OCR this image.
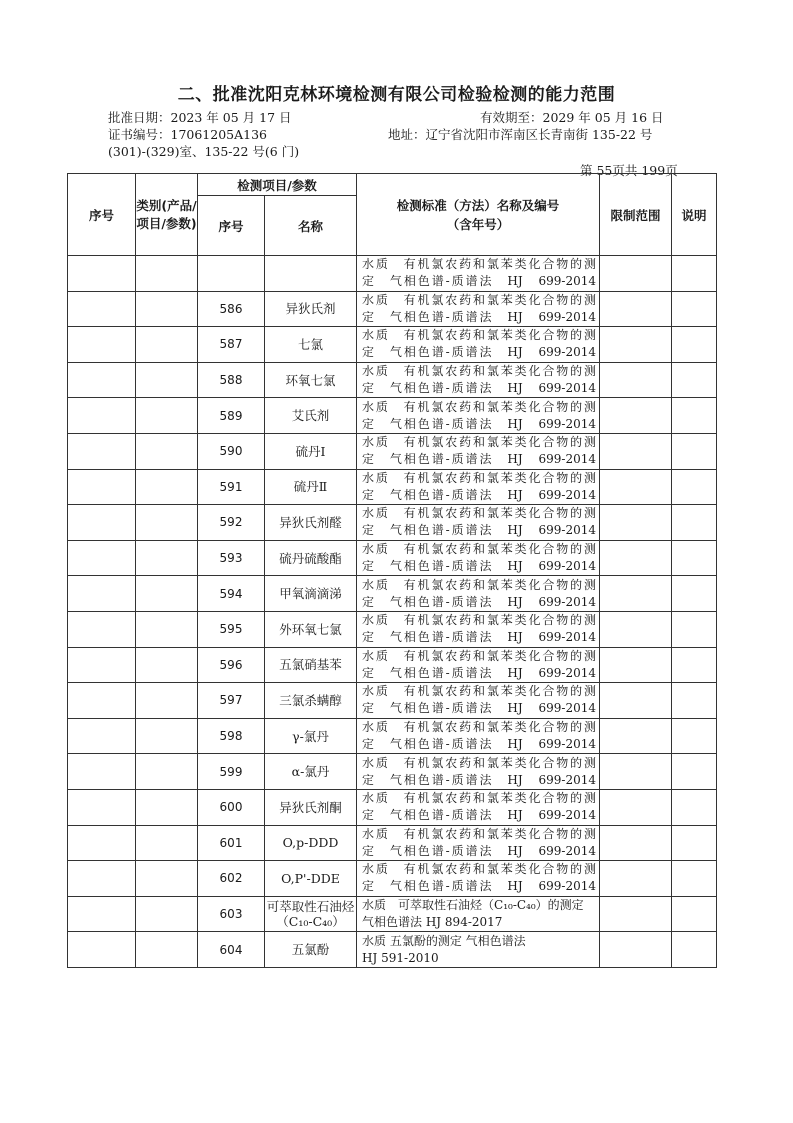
二、批准沈阳克林环境检测有限公司检验检测的能力范围
批准日期：2023 年 05 月 17 日	有效期至：2029 年 05 月 16 日
证书编号：17061205A136	地址：辽宁省沈阳市浑南区长青南街 135-22 号
(301)-(329)室、135-22 号(6 门)
第 55页共 199页
序号	类别(产品/项目/参数)	检测项目/参数		检测标准（方法）名称及编号（含年号）	限制范围	说明
		序号	名称			

				水质　有机氯农药和氯苯类化合物的测
定　气相色谱-质谱法　HJ　699-2014		

		586	异狄氏剂	水质　有机氯农药和氯苯类化合物的测
定　气相色谱-质谱法　HJ　699-2014		

		587	七氯	水质　有机氯农药和氯苯类化合物的测
定　气相色谱-质谱法　HJ　699-2014		

		588	环氧七氯	水质　有机氯农药和氯苯类化合物的测
定　气相色谱-质谱法　HJ　699-2014		

		589	艾氏剂	水质　有机氯农药和氯苯类化合物的测
定　气相色谱-质谱法　HJ　699-2014		

		590	硫丹Ⅰ	水质　有机氯农药和氯苯类化合物的测
定　气相色谱-质谱法　HJ　699-2014		

		591	硫丹Ⅱ	水质　有机氯农药和氯苯类化合物的测
定　气相色谱-质谱法　HJ　699-2014		

		592	异狄氏剂醛	水质　有机氯农药和氯苯类化合物的测
定　气相色谱-质谱法　HJ　699-2014		

		593	硫丹硫酸酯	水质　有机氯农药和氯苯类化合物的测
定　气相色谱-质谱法　HJ　699-2014		

		594	甲氧滴滴涕	水质　有机氯农药和氯苯类化合物的测
定　气相色谱-质谱法　HJ　699-2014		

		595	外环氧七氯	水质　有机氯农药和氯苯类化合物的测
定　气相色谱-质谱法　HJ　699-2014		

		596	五氯硝基苯	水质　有机氯农药和氯苯类化合物的测
定　气相色谱-质谱法　HJ　699-2014		

		597	三氯杀螨醇	水质　有机氯农药和氯苯类化合物的测
定　气相色谱-质谱法　HJ　699-2014		

		598	γ-氯丹	水质　有机氯农药和氯苯类化合物的测
定　气相色谱-质谱法　HJ　699-2014		

		599	α-氯丹	水质　有机氯农药和氯苯类化合物的测
定　气相色谱-质谱法　HJ　699-2014		

		600	异狄氏剂酮	水质　有机氯农药和氯苯类化合物的测
定　气相色谱-质谱法　HJ　699-2014		

		601	O,p-DDD	水质　有机氯农药和氯苯类化合物的测
定　气相色谱-质谱法　HJ　699-2014		

		602	O,P'-DDE	水质　有机氯农药和氯苯类化合物的测
定　气相色谱-质谱法　HJ　699-2014		

		603	可萃取性石油烃（C₁₀-C₄₀）	水质　可萃取性石油烃（C₁₀-C₄₀）的测定
气相色谱法 HJ 894-2017		

		604	五氯酚	水质 五氯酚的测定 气相色谱法
HJ 591-2010		
